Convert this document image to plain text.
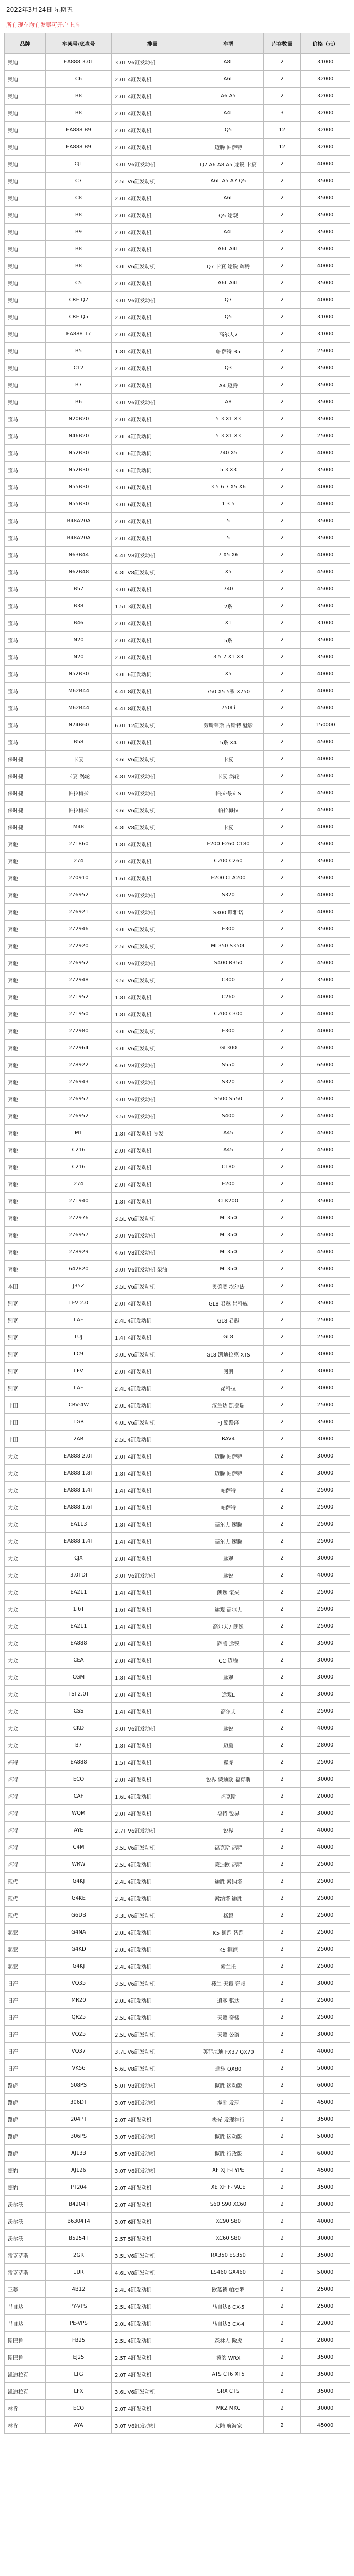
2022年3月24日 星期五
所有现车均有发票可开户上牌
品牌	车架号/底盘号	排量	车型	库存数量	价格（元）
奥迪	EA888 3.0T	3.0T V6缸发动机	A8L	2	31000
奥迪	C6	2.0T 4缸发动机	A6L	2	32000
奥迪	B8	2.0T 4缸发动机	A6 A5	2	32000
奥迪	B8	2.0T 4缸发动机	A4L	3	32000
奥迪	EA888 B9	2.0T 4缸发动机	Q5	12	32000
奥迪	EA888 B9	2.0T 4缸发动机	迈腾 帕萨特	12	32000
奥迪	CJT	3.0T V6缸发动机	Q7 A6 A8 A5 途锐 卡宴	2	40000
奥迪	C7	2.5L V6缸发动机	A6L A5 A7 Q5	2	35000
奥迪	C8	2.0T 4缸发动机	A6L	2	35000
奥迪	B8	2.0T 4缸发动机	Q5 途观	2	35000
奥迪	B9	2.0T 4缸发动机	A4L	2	35000
奥迪	B8	2.0T 4缸发动机	A6L A4L	2	35000
奥迪	B8	3.0L V6缸发动机	Q7 卡宴 途锐 辉腾	2	40000
奥迪	C5	2.0T 4缸发动机	A6L A4L	2	35000
奥迪	CRE Q7	3.0T V6缸发动机	Q7	2	40000
奥迪	CRE Q5	2.0T 4缸发动机	Q5	2	31000
奥迪	EA888 T7	2.0T 4缸发动机	高尔夫7	2	31000
奥迪	B5	1.8T 4缸发动机	帕萨特 B5	2	25000
奥迪	C12	2.0T 4缸发动机	Q3	2	35000
奥迪	B7	2.0T 4缸发动机	A4 迈腾	2	35000
奥迪	B6	3.0T V6缸发动机	A8	2	35000
宝马	N20B20	2.0T 4缸发动机	5 3 X1 X3	2	35000
宝马	N46B20	2.0L 4缸发动机	5 3 X1 X3	2	25000
宝马	N52B30	3.0L 6缸发动机	740 X5	2	40000
宝马	N52B30	3.0L 6缸发动机	5 3 X3	2	35000
宝马	N55B30	3.0T 6缸发动机	3 5 6 7 X5 X6	2	40000
宝马	N55B30	3.0T 6缸发动机	1 3 5	2	40000
宝马	B48A20A	2.0T 4缸发动机	5	2	35000
宝马	B48A20A	2.0T 4缸发动机	5	2	35000
宝马	N63B44	4.4T V8缸发动机	7 X5 X6	2	40000
宝马	N62B48	4.8L V8缸发动机	X5	2	45000
宝马	B57	3.0T 6缸发动机	740	2	45000
宝马	B38	1.5T 3缸发动机	2系	2	35000
宝马	B46	2.0T 4缸发动机	X1	2	31000
宝马	N20	2.0T 4缸发动机	5系	2	35000
宝马	N20	2.0T 4缸发动机	3 5 7 X1 X3	2	35000
宝马	N52B30	3.0L 6缸发动机	X5	2	40000
宝马	M62B44	4.4T 8缸发动机	750 X5 5系 X750	2	40000
宝马	M62B44	4.4T 8缸发动机	750Li	2	45000
宝马	N74B60	6.0T 12缸发动机	劳斯莱斯 古斯特 魅影	2	150000
宝马	B58	3.0T 6缸发动机	5系 X4	2	45000
保时捷	卡宴	3.6L V6缸发动机	卡宴	2	40000
保时捷	卡宴 涡轮	4.8T V8缸发动机	卡宴 涡轮	2	45000
保时捷	帕拉梅拉	3.0T V6缸发动机	帕拉梅拉 S	2	45000
保时捷	帕拉梅拉	3.6L V6缸发动机	帕拉梅拉	2	45000
保时捷	M48	4.8L V8缸发动机	卡宴	2	40000
奔驰	271860	1.8T 4缸发动机	E200 E260 C180	2	35000
奔驰	274	2.0T 4缸发动机	C200 C260	2	35000
奔驰	270910	1.6T 4缸发动机	E200 CLA200	2	35000
奔驰	276952	3.0T V6缸发动机	S320	2	40000
奔驰	276921	3.0T V6缸发动机	S300 唯雅诺	2	40000
奔驰	272946	3.0L V6缸发动机	E300	2	35000
奔驰	272920	2.5L V6缸发动机	ML350 S350L	2	45000
奔驰	276952	3.0T V6缸发动机	S400 R350	2	45000
奔驰	272948	3.5L V6缸发动机	C300	2	35000
奔驰	271952	1.8T 4缸发动机	C260	2	40000
奔驰	271950	1.8T 4缸发动机	C200 C300	2	40000
奔驰	272980	3.0L V6缸发动机	E300	2	40000
奔驰	272964	3.0L V6缸发动机	GL300	2	45000
奔驰	278922	4.6T V8缸发动机	S550	2	65000
奔驰	276943	3.0T V6缸发动机	S320	2	45000
奔驰	276957	3.0T V6缸发动机	S500 S550	2	45000
奔驰	276952	3.5T V6缸发动机	S400	2	45000
奔驰	M1	1.8T 4缸发动机 零发	A45	2	45000
奔驰	C216	2.0T 4缸发动机	A45	2	45000
奔驰	C216	2.0T 4缸发动机	C180	2	40000
奔驰	274	2.0T 4缸发动机	E200	2	40000
奔驰	271940	1.8T 4缸发动机	CLK200	2	35000
奔驰	272976	3.5L V6缸发动机	ML350	2	40000
奔驰	276957	3.0T V6缸发动机	ML350	2	45000
奔驰	278929	4.6T V8缸发动机	ML350	2	45000
奔驰	642820	3.0T V6缸发动机 柴油	ML350	2	35000
本田	J35Z	3.5L V6缸发动机	奥德赛 埃尔法	2	35000
别克	LFV 2.0	2.0T 4缸发动机	GL8 君越 昂科威	2	35000
别克	LAF	2.4L 4缸发动机	GL8 君越	2	25000
别克	LUJ	1.4T 4缸发动机	GL8	2	25000
别克	LC9	3.0L V6缸发动机	GL8 凯迪拉克 XTS	2	30000
别克	LFV	2.0T 4缸发动机	阅朗	2	30000
别克	LAF	2.4L 4缸发动机	昂科拉	2	30000
丰田	CRV-4W	2.0L 4缸发动机	汉兰达 凯美瑞	2	25000
丰田	1GR	4.0L V6缸发动机	FJ 酷路泽	2	35000
丰田	2AR	2.5L 4缸发动机	RAV4	2	30000
大众	EA888 2.0T	2.0T 4缸发动机	迈腾 帕萨特	2	30000
大众	EA888 1.8T	1.8T 4缸发动机	迈腾 帕萨特	2	30000
大众	EA888 1.4T	1.4T 4缸发动机	帕萨特	2	25000
大众	EA888 1.6T	1.6T 4缸发动机	帕萨特	2	25000
大众	EA113	1.8T 4缸发动机	高尔夫 速腾	2	25000
大众	EA888 1.4T	1.4T 4缸发动机	高尔夫 速腾	2	25000
大众	CJX	2.0T 4缸发动机	途观	2	30000
大众	3.0TDI	3.0T V6缸发动机	途锐	2	40000
大众	EA211	1.4T 4缸发动机	朗逸 宝来	2	25000
大众	1.6T	1.6T 4缸发动机	途观 高尔夫	2	25000
大众	EA211	1.4T 4缸发动机	高尔夫7 朗逸	2	25000
大众	EA888	2.0T 4缸发动机	辉腾 途锐	2	35000
大众	CEA	2.0T 4缸发动机	CC 迈腾	2	30000
大众	CGM	1.8T 4缸发动机	途观	2	30000
大众	TSI 2.0T	2.0T 4缸发动机	途观L	2	30000
大众	CSS	1.4T 4缸发动机	高尔夫	2	25000
大众	CKD	3.0T V6缸发动机	途锐	2	40000
大众	B7	1.8T 4缸发动机	迈腾	2	28000
福特	EA888	1.5T 4缸发动机	翼虎	2	25000
福特	ECO	2.0T 4缸发动机	锐界 蒙迪欧 福克斯	2	30000
福特	CAF	1.6L 4缸发动机	福克斯	2	20000
福特	WQM	2.0T 4缸发动机	福特 锐界	2	30000
福特	AYE	2.7T V6缸发动机	锐界	2	40000
福特	C4M	3.5L V6缸发动机	福克斯 福特	2	40000
福特	WRW	2.5L 4缸发动机	蒙迪欧 福特	2	25000
现代	G4KJ	2.4L 4缸发动机	途胜 索纳塔	2	25000
现代	G4KE	2.4L 4缸发动机	索纳塔 途胜	2	25000
现代	G6DB	3.3L V6缸发动机	格越	2	25000
起亚	G4NA	2.0L 4缸发动机	K5 狮跑 智跑	2	25000
起亚	G4KD	2.0L 4缸发动机	K5 狮跑	2	25000
起亚	G4KJ	2.4L 4缸发动机	索兰托	2	25000
日产	VQ35	3.5L V6缸发动机	楼兰 天籁 奇骏	2	30000
日产	MR20	2.0L 4缸发动机	逍客 骐达	2	25000
日产	QR25	2.5L 4缸发动机	天籁 奇骏	2	25000
日产	VQ25	2.5L V6缸发动机	天籁 公爵	2	30000
日产	VQ37	3.7L V6缸发动机	英菲尼迪 FX37 QX70	2	40000
日产	VK56	5.6L V8缸发动机	途乐 QX80	2	50000
路虎	508PS	5.0T V8缸发动机	揽胜 运动版	2	60000
路虎	306DT	3.0T V6缸发动机	揽胜 发现	2	45000
路虎	204PT	2.0T 4缸发动机	极光 发现神行	2	35000
路虎	306PS	3.0T V6缸发动机	揽胜 运动版	2	50000
路虎	AJ133	5.0T V8缸发动机	揽胜 行政版	2	60000
捷豹	AJ126	3.0T V6缸发动机	XF XJ F-TYPE	2	45000
捷豹	PT204	2.0T 4缸发动机	XE XF F-PACE	2	35000
沃尔沃	B4204T	2.0T 4缸发动机	S60 S90 XC60	2	30000
沃尔沃	B6304T4	3.0T 6缸发动机	XC90 S80	2	40000
沃尔沃	B5254T	2.5T 5缸发动机	XC60 S80	2	30000
雷克萨斯	2GR	3.5L V6缸发动机	RX350 ES350	2	35000
雷克萨斯	1UR	4.6L V8缸发动机	LS460 GX460	2	50000
三菱	4B12	2.4L 4缸发动机	欧蓝德 帕杰罗	2	25000
马自达	PY-VPS	2.5L 4缸发动机	马自达6 CX-5	2	25000
马自达	PE-VPS	2.0L 4缸发动机	马自达3 CX-4	2	22000
斯巴鲁	FB25	2.5L 4缸发动机	森林人 傲虎	2	28000
斯巴鲁	EJ25	2.5T 4缸发动机	翼豹 WRX	2	35000
凯迪拉克	LTG	2.0T 4缸发动机	ATS CT6 XT5	2	35000
凯迪拉克	LFX	3.6L V6缸发动机	SRX CTS	2	35000
林肯	ECO	2.0T 4缸发动机	MKZ MKC	2	30000
林肯	AYA	3.0T V6缸发动机	大陆 航海家	2	45000
